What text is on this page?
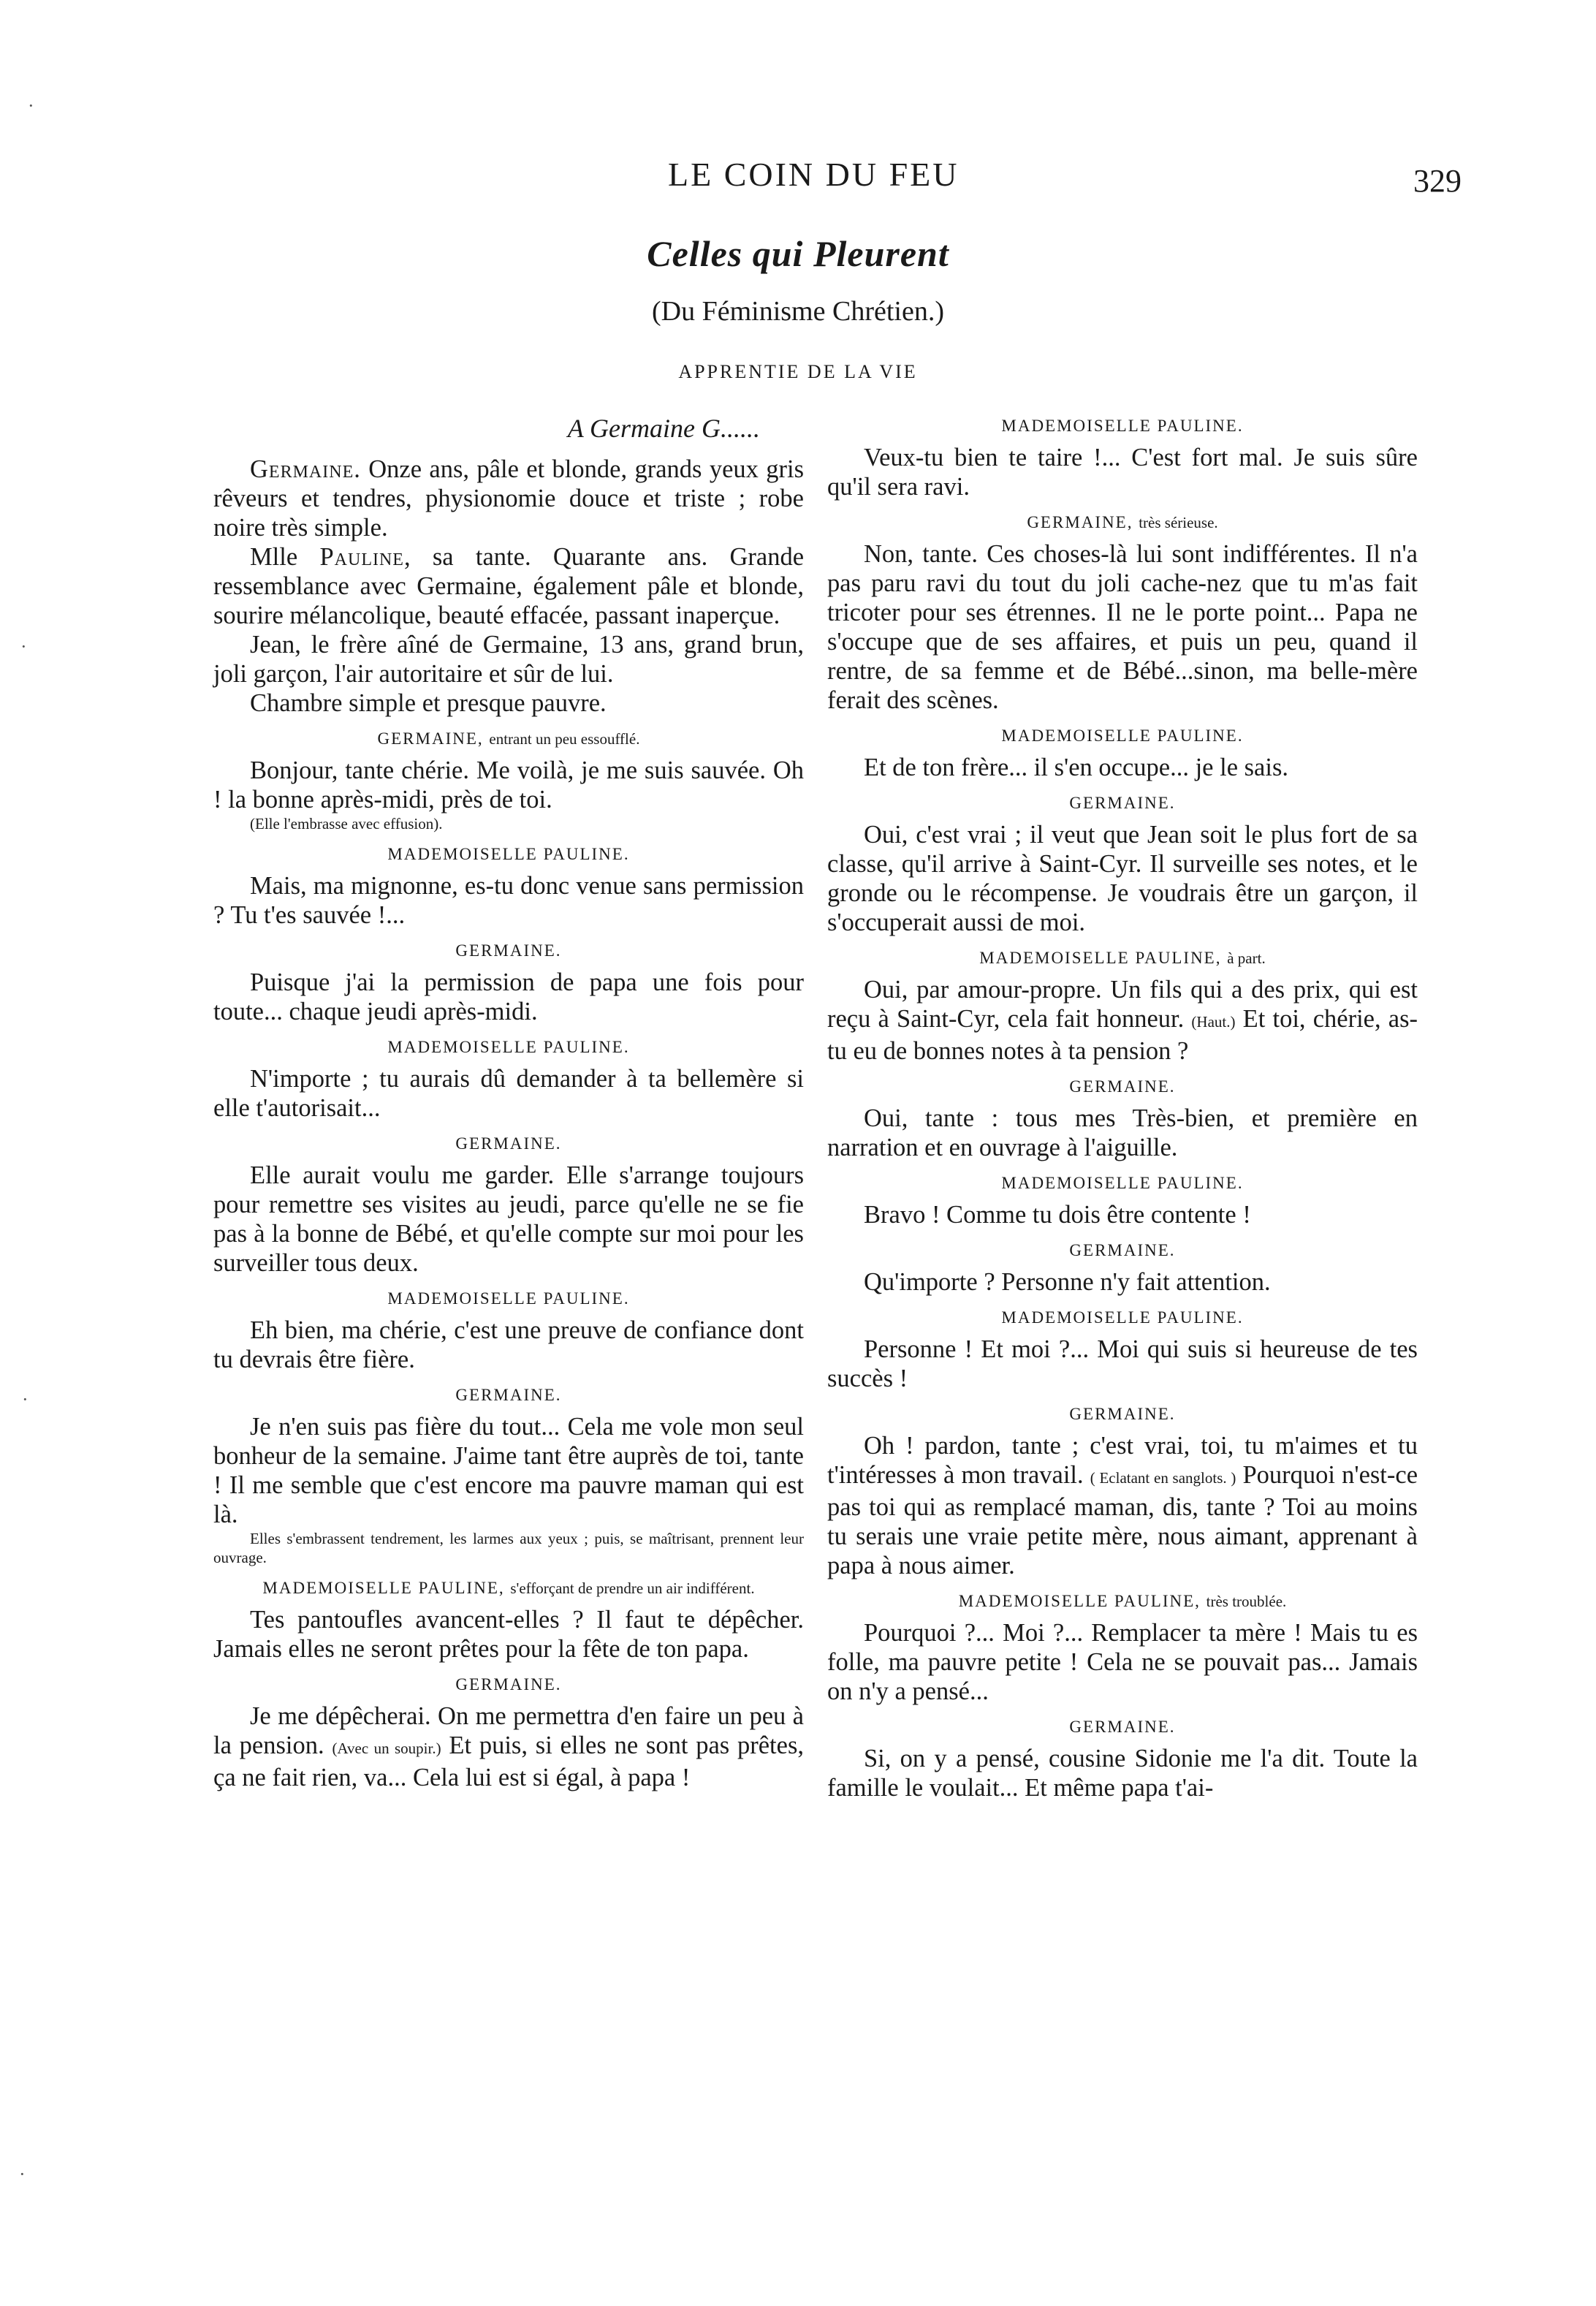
LE COIN DU FEU	329
Celles qui Pleurent
(Du Féminisme Chrétien.)
APPRENTIE DE LA VIE
A Germaine G......

Germaine. Onze ans, pâle et blonde, grands yeux gris rêveurs et tendres, physionomie douce et triste ; robe noire très simple.

Mlle Pauline, sa tante. Quarante ans. Grande ressemblance avec Germaine, également pâle et blonde, sourire mélancolique, beauté effacée, passant inaperçue.

Jean, le frère aîné de Germaine, 13 ans, grand brun, joli garçon, l'air autoritaire et sûr de lui.

Chambre simple et presque pauvre.

GERMAINE, entrant un peu essoufflé.

Bonjour, tante chérie. Me voilà, je me suis sauvée. Oh ! la bonne après-midi, près de toi.

(Elle l'embrasse avec effusion).

MADEMOISELLE PAULINE.

Mais, ma mignonne, es-tu donc venue sans permission ? Tu t'es sauvée !...

GERMAINE.

Puisque j'ai la permission de papa une fois pour toute... chaque jeudi après-midi.

MADEMOISELLE PAULINE.

N'importe ; tu aurais dû demander à ta bellemère si elle t'autorisait...

GERMAINE.

Elle aurait voulu me garder. Elle s'arrange toujours pour remettre ses visites au jeudi, parce qu'elle ne se fie pas à la bonne de Bébé, et qu'elle compte sur moi pour les surveiller tous deux.

MADEMOISELLE PAULINE.

Eh bien, ma chérie, c'est une preuve de confiance dont tu devrais être fière.

GERMAINE.

Je n'en suis pas fière du tout... Cela me vole mon seul bonheur de la semaine. J'aime tant être auprès de toi, tante ! Il me semble que c'est encore ma pauvre maman qui est là.

Elles s'embrassent tendrement, les larmes aux yeux ; puis, se maîtrisant, prennent leur ouvrage.

MADEMOISELLE PAULINE, s'efforçant de prendre un air indifférent.

Tes pantoufles avancent-elles ? Il faut te dépêcher. Jamais elles ne seront prêtes pour la fête de ton papa.

GERMAINE.

Je me dépêcherai. On me permettra d'en faire un peu à la pension. (Avec un soupir.) Et puis, si elles ne sont pas prêtes, ça ne fait rien, va... Cela lui est si égal, à papa !

MADEMOISELLE PAULINE.

Veux-tu bien te taire !... C'est fort mal. Je suis sûre qu'il sera ravi.

GERMAINE, très sérieuse.

Non, tante. Ces choses-là lui sont indifférentes. Il n'a pas paru ravi du tout du joli cache-nez que tu m'as fait tricoter pour ses étrennes. Il ne le porte point... Papa ne s'occupe que de ses affaires, et puis un peu, quand il rentre, de sa femme et de Bébé...sinon, ma belle-mère ferait des scènes.

MADEMOISELLE PAULINE.

Et de ton frère... il s'en occupe... je le sais.

GERMAINE.

Oui, c'est vrai ; il veut que Jean soit le plus fort de sa classe, qu'il arrive à Saint-Cyr. Il surveille ses notes, et le gronde ou le récompense. Je voudrais être un garçon, il s'occuperait aussi de moi.

MADEMOISELLE PAULINE, à part.

Oui, par amour-propre. Un fils qui a des prix, qui est reçu à Saint-Cyr, cela fait honneur. (Haut.) Et toi, chérie, as-tu eu de bonnes notes à ta pension ?

GERMAINE.

Oui, tante : tous mes Très-bien, et première en narration et en ouvrage à l'aiguille.

MADEMOISELLE PAULINE.

Bravo ! Comme tu dois être contente !

GERMAINE.

Qu'importe ? Personne n'y fait attention.

MADEMOISELLE PAULINE.

Personne ! Et moi ?... Moi qui suis si heureuse de tes succès !

GERMAINE.

Oh ! pardon, tante ; c'est vrai, toi, tu m'aimes et tu t'intéresses à mon travail. ( Eclatant en sanglots. ) Pourquoi n'est-ce pas toi qui as remplacé maman, dis, tante ? Toi au moins tu serais une vraie petite mère, nous aimant, apprenant à papa à nous aimer.

MADEMOISELLE PAULINE, très troublée.

Pourquoi ?... Moi ?... Remplacer ta mère ! Mais tu es folle, ma pauvre petite ! Cela ne se pouvait pas... Jamais on n'y a pensé...

GERMAINE.

Si, on y a pensé, cousine Sidonie me l'a dit. Toute la famille le voulait... Et même papa t'ai-

·
·
·
·
